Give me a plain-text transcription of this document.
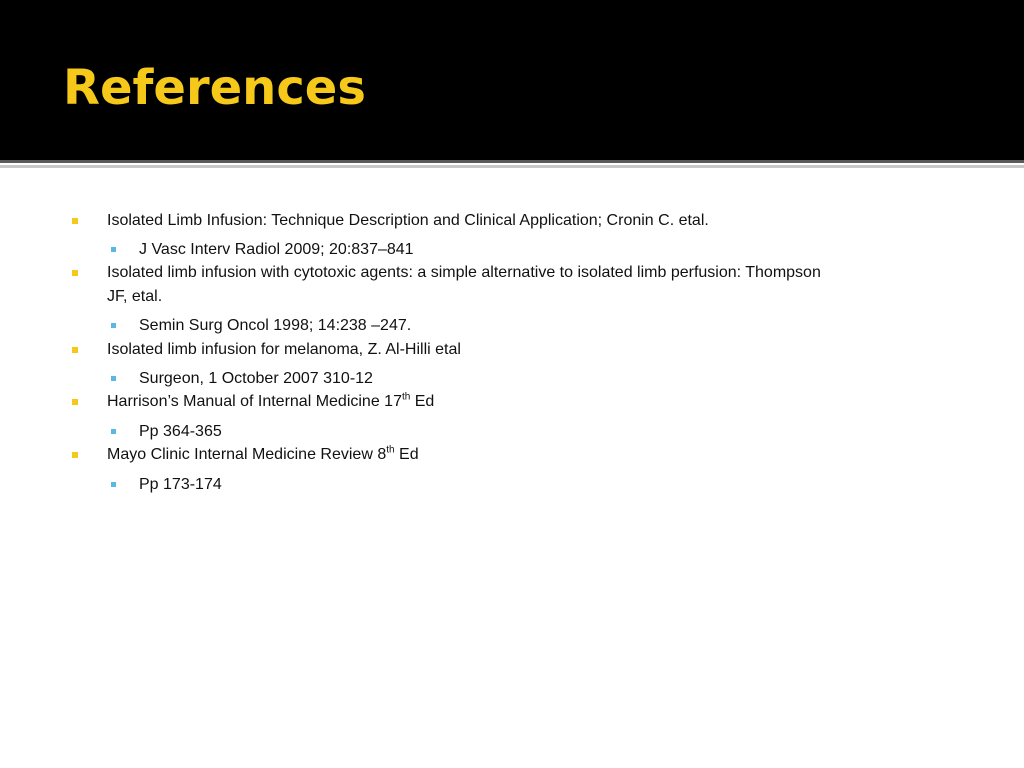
References
Isolated Limb Infusion: Technique Description and Clinical Application; Cronin C. etal.
J Vasc Interv Radiol 2009; 20:837–841
Isolated limb infusion with cytotoxic agents: a simple alternative to isolated limb perfusion: Thompson
JF, etal.
Semin Surg Oncol 1998; 14:238 –247.
Isolated limb infusion for melanoma, Z. Al-Hilli etal
Surgeon, 1 October 2007 310-12
Harrison’s Manual of Internal Medicine 17th Ed
Pp 364-365
Mayo Clinic Internal Medicine Review 8th Ed
Pp 173-174
